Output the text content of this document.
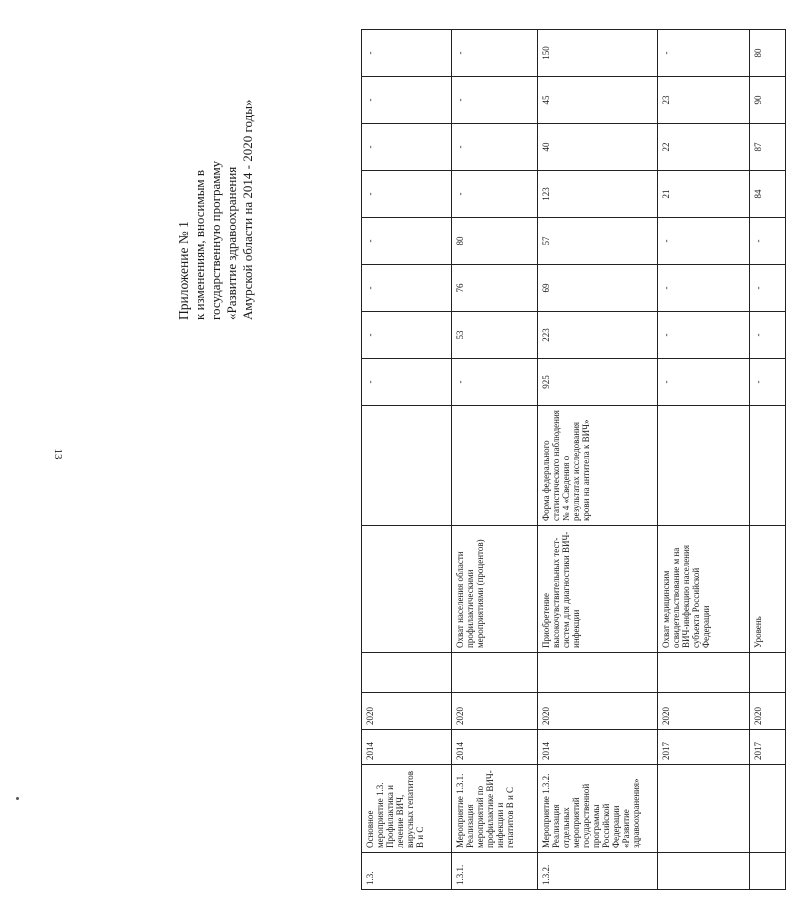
13
Приложение № 1 к изменениям, вносимым в государственную программу «Развитие здравоохранения Амурской области на 2014 - 2020 годы»
1.3.	Основное мероприятие 1.3. Профилактика и лечение ВИЧ, вирусных гепатитов В и С	2014	2020				-	-	-	-	-	-	-	-
1.3.1.	Мероприятие 1.3.1. Реализация мероприятий по профилактике ВИЧ-инфекции и гепатитов В и С	2014	2020		Охват населения области профилактическими мероприятиями (процентов)		-	53	76	80	-	-	-	-
1.3.2.	Мероприятие 1.3.2. Реализация отдельных мероприятий государственной программы Российской Федерации «Развитие здравоохранения»	2014	2020		Приобретение высокочувствительных тест-систем для диагностики ВИЧ-инфекции	Форма федерального статистического наблюдения № 4 «Сведения о результатах исследования крови на антитела к ВИЧ»	925	223	69	57	123	40	45	150
		2017	2020		Охват медицинским освидетельствование м на ВИЧ-инфекцию населения субъекта Российской Федерации		-	-	-	-	21	22	23	-
		2017	2020		Уровень		-	-	-	-	84	87	90	80
